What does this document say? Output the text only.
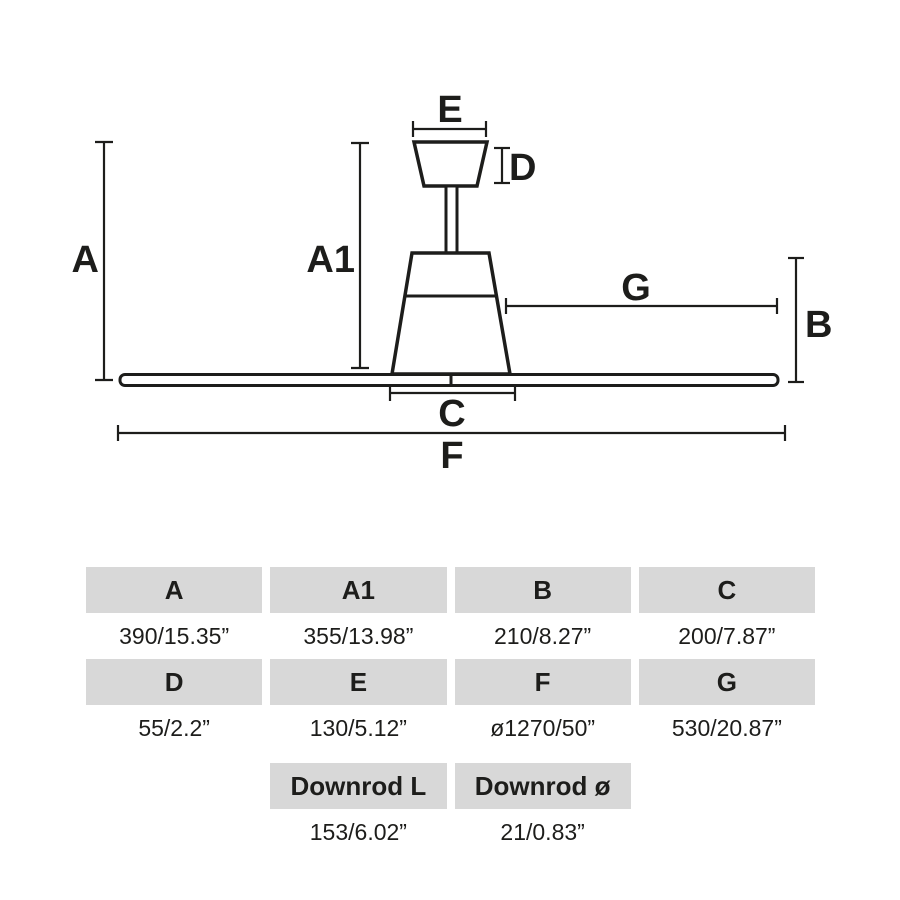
A	A1
E
D
G
B
C
F
A	A1	B	C
390/15.35”	355/13.98”	210/8.27”	200/7.87”
D	E	F	G
55/2.2”	130/5.12”	ø1270/50”	530/20.87”
Downrod L	Downrod ø
153/6.02”	21/0.83”
